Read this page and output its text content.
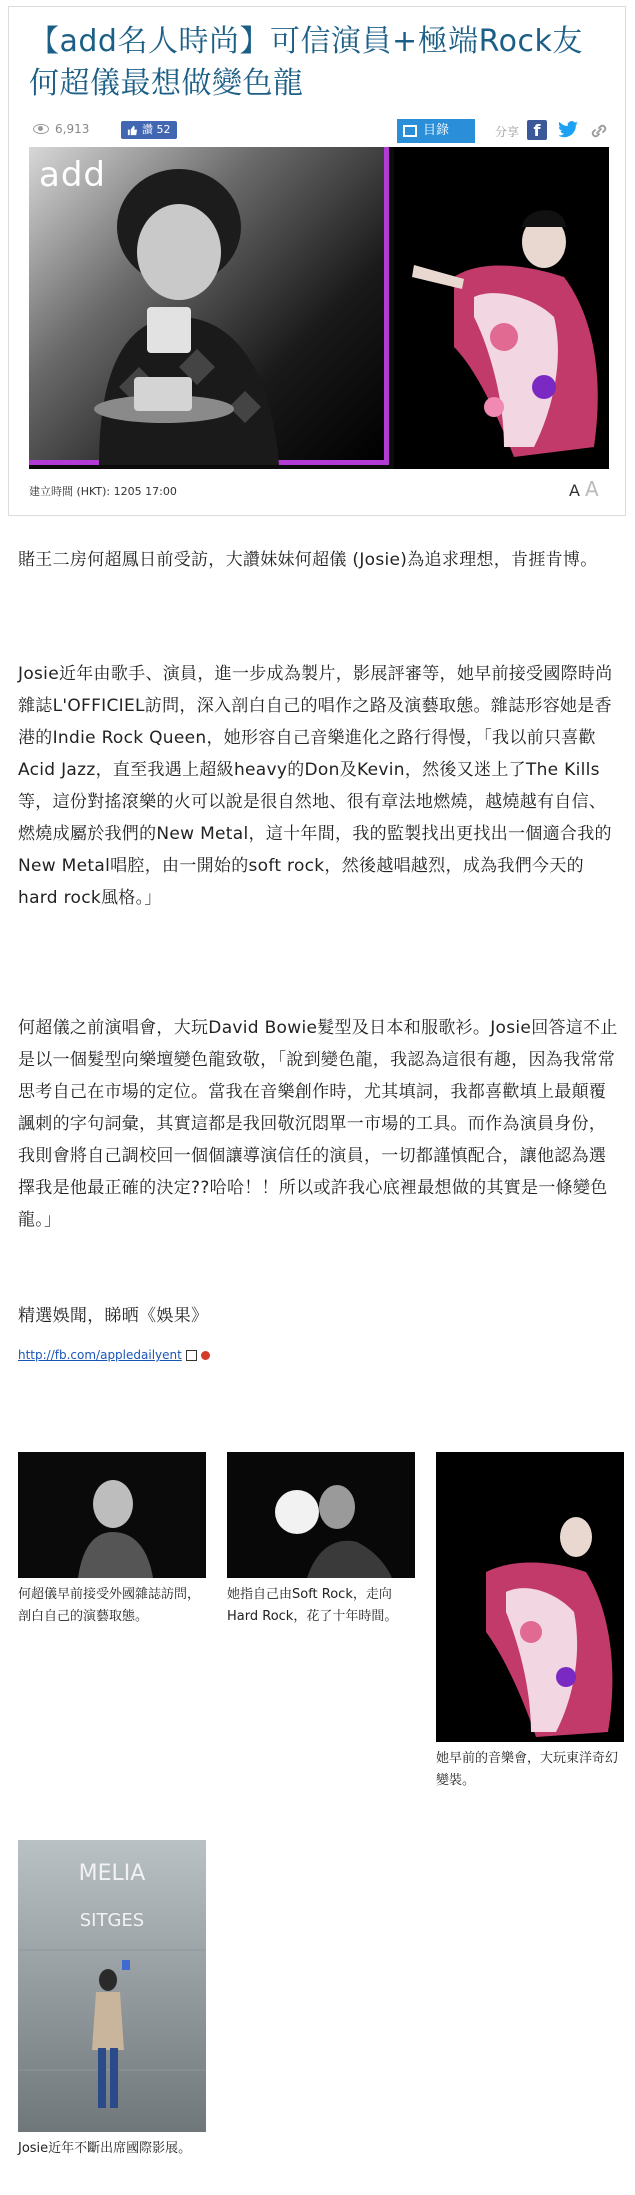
【add名人時尚】可信演員+極端Rock友何超儀最想做變色龍
6,913	讚 52	目錄	分享 f
add
建立時間 (HKT): 1205 17:00	A A

賭王二房何超鳳日前受訪，大讚妹妹何超儀 (Josie)為追求理想，肯捱肯博。

Josie近年由歌手、演員，進一步成為製片，影展評審等，她早前接受國際時尚雜誌L'OFFICIEL訪問，深入剖白自己的唱作之路及演藝取態。雜誌形容她是香港的Indie Rock Queen，她形容自己音樂進化之路行得慢，「我以前只喜歡Acid Jazz，直至我遇上超級heavy的Don及Kevin，然後又迷上了The Kills等，這份對搖滾樂的火可以說是很自然地、很有章法地燃燒，越燒越有自信、燃燒成屬於我們的New Metal，這十年間，我的監製找出更找出一個適合我的New Metal唱腔，由一開始的soft rock，然後越唱越烈，成為我們今天的hard rock風格。」

何超儀之前演唱會，大玩David Bowie髮型及日本和服歌衫。Josie回答這不止是以一個髮型向樂壇變色龍致敬，「說到變色龍，我認為這很有趣，因為我常常思考自己在市場的定位。當我在音樂創作時，尤其填詞，我都喜歡填上最顛覆諷刺的字句詞彙，其實這都是我回敬沉悶單一市場的工具。而作為演員身份，我則會將自己調校回一個個讓導演信任的演員，一切都謹慎配合，讓他認為選擇我是他最正確的決定??哈哈！！所以或許我心底裡最想做的其實是一條變色龍。」

精選娛聞，睇晒《娛果》

http://fb.com/appledailyent

何超儀早前接受外國雜誌訪問，剖白自己的演藝取態。

她指自己由Soft Rock，走向Hard Rock，花了十年時間。

她早前的音樂會，大玩東洋奇幻變裝。

MELIA
SITGES

Josie近年不斷出席國際影展。
